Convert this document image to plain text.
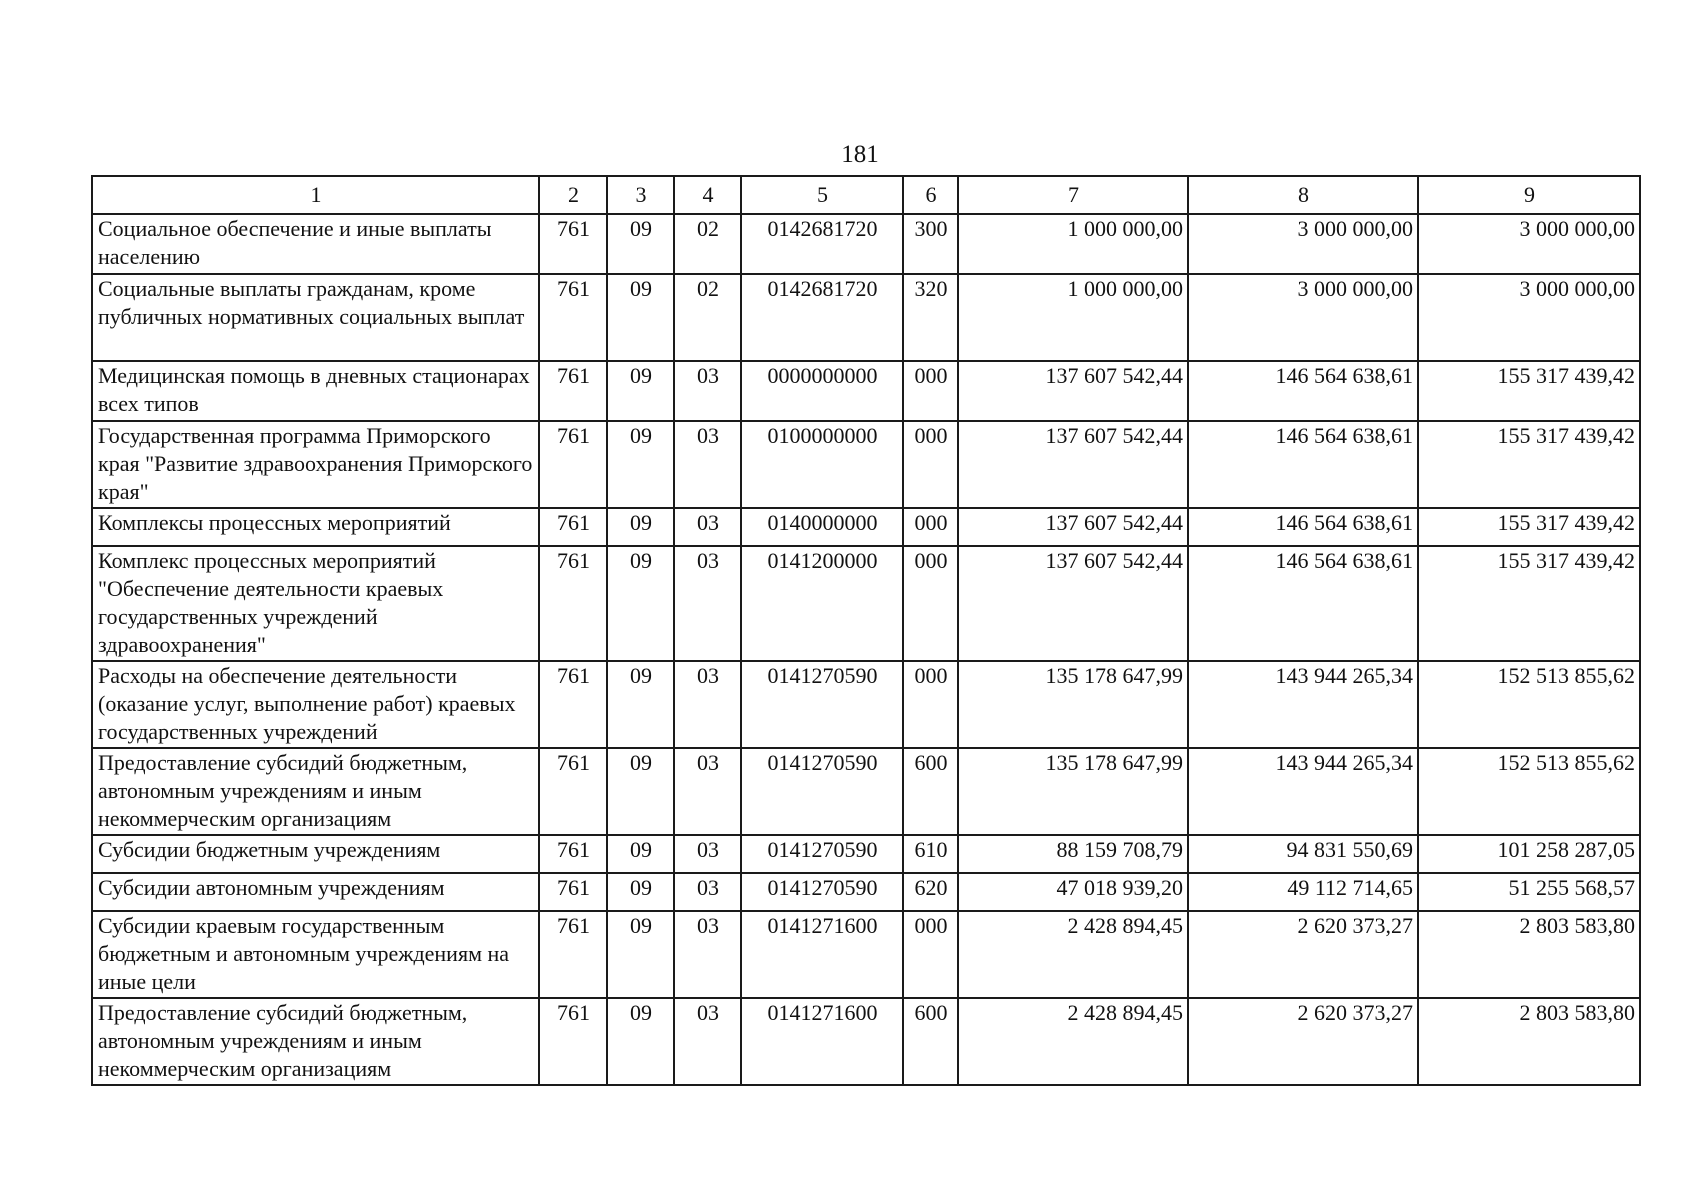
181
1	2	3	4	5	6	7	8	9
Социальное обеспечение и иные выплаты населению	761	09	02	0142681720	300	1 000 000,00	3 000 000,00	3 000 000,00
Социальные выплаты гражданам, кроме публичных нормативных социальных выплат	761	09	02	0142681720	320	1 000 000,00	3 000 000,00	3 000 000,00
Медицинская помощь в дневных стационарах всех типов	761	09	03	0000000000	000	137 607 542,44	146 564 638,61	155 317 439,42
Государственная программа Приморского края "Развитие здравоохранения Приморского края"	761	09	03	0100000000	000	137 607 542,44	146 564 638,61	155 317 439,42
Комплексы процессных мероприятий	761	09	03	0140000000	000	137 607 542,44	146 564 638,61	155 317 439,42
Комплекс процессных мероприятий "Обеспечение деятельности краевых государственных учреждений здравоохранения"	761	09	03	0141200000	000	137 607 542,44	146 564 638,61	155 317 439,42
Расходы на обеспечение деятельности (оказание услуг, выполнение работ) краевых государственных учреждений	761	09	03	0141270590	000	135 178 647,99	143 944 265,34	152 513 855,62
Предоставление субсидий бюджетным, автономным учреждениям и иным некоммерческим организациям	761	09	03	0141270590	600	135 178 647,99	143 944 265,34	152 513 855,62
Субсидии бюджетным учреждениям	761	09	03	0141270590	610	88 159 708,79	94 831 550,69	101 258 287,05
Субсидии автономным учреждениям	761	09	03	0141270590	620	47 018 939,20	49 112 714,65	51 255 568,57
Субсидии краевым государственным бюджетным и автономным учреждениям на иные цели	761	09	03	0141271600	000	2 428 894,45	2 620 373,27	2 803 583,80
Предоставление субсидий бюджетным, автономным учреждениям и иным некоммерческим организациям	761	09	03	0141271600	600	2 428 894,45	2 620 373,27	2 803 583,80
